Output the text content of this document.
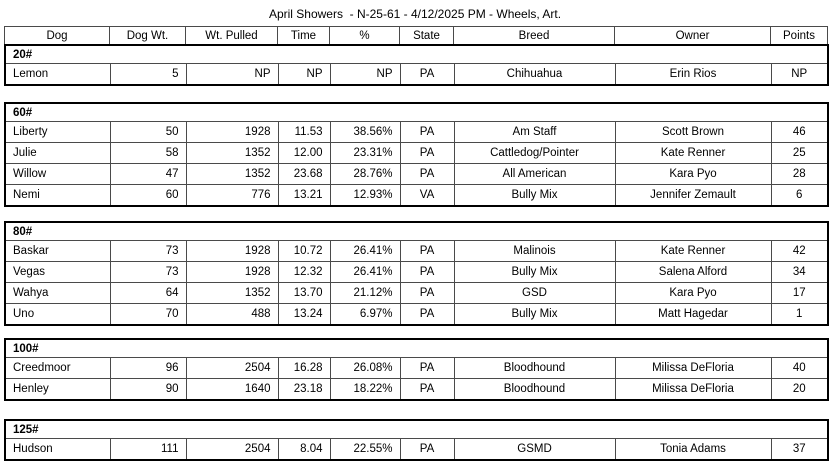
April Showers  - N-25-61 - 4/12/2025 PM - Wheels, Art.
Dog	Dog Wt.	Wt. Pulled	Time	%	State	Breed	Owner	Points
20#
Lemon	5	NP	NP	NP	PA	Chihuahua	Erin Rios	NP
60#								
Liberty	50	1928	11.53	38.56%	PA	Am Staff	Scott Brown	46
Julie	58	1352	12.00	23.31%	PA	Cattledog/Pointer	Kate Renner	25
Willow	47	1352	23.68	28.76%	PA	All American	Kara Pyo	28
Nemi	60	776	13.21	12.93%	VA	Bully Mix	Jennifer Zemault	6
80#								
Baskar	73	1928	10.72	26.41%	PA	Malinois	Kate Renner	42
Vegas	73	1928	12.32	26.41%	PA	Bully Mix	Salena Alford	34
Wahya	64	1352	13.70	21.12%	PA	GSD	Kara Pyo	17
Uno	70	488	13.24	6.97%	PA	Bully Mix	Matt Hagedar	1
100#								
Creedmoor	96	2504	16.28	26.08%	PA	Bloodhound	Milissa DeFloria	40
Henley	90	1640	23.18	18.22%	PA	Bloodhound	Milissa DeFloria	20
125#
Hudson	111	2504	8.04	22.55%	PA	GSMD	Tonia Adams	37
